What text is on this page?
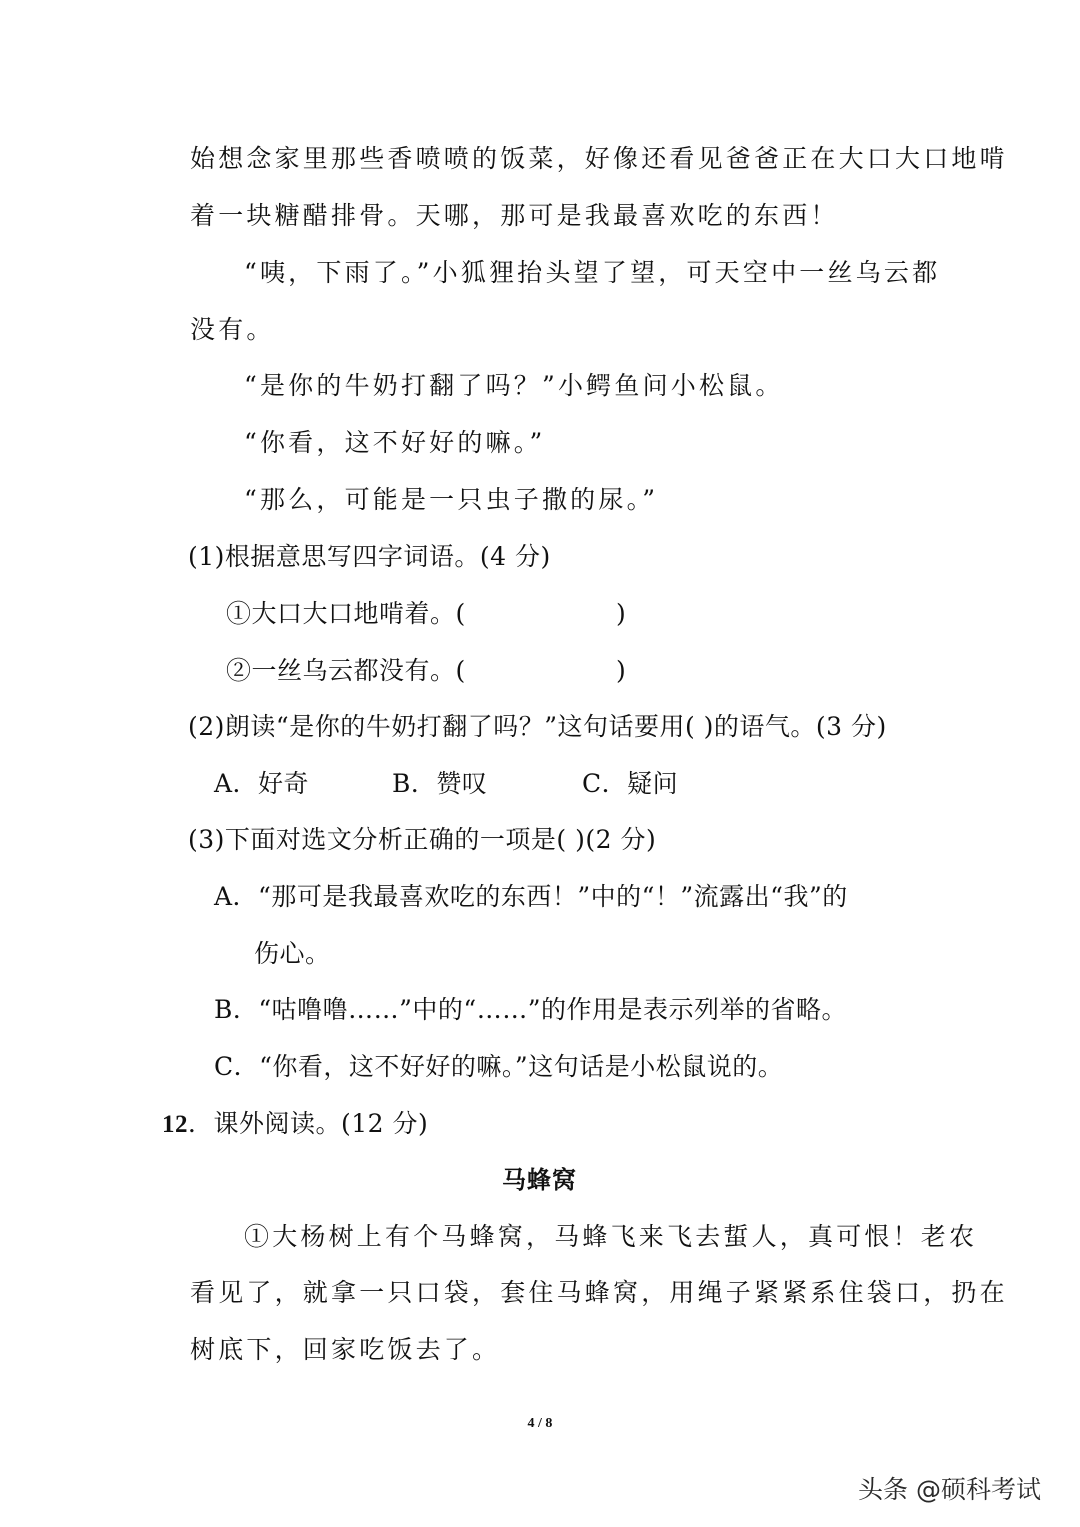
始想念家里那些香喷喷的饭菜，好像还看见爸爸正在大口大口地啃
着一块糖醋排骨。天哪，那可是我最喜欢吃的东西！
“咦，下雨了。”小狐狸抬头望了望，可天空中一丝乌云都
没有。
“是你的牛奶打翻了吗？”小鳄鱼问小松鼠。
“你看，这不好好的嘛。”
“那么，可能是一只虫子撒的尿。”
(1)根据意思写四字词语。(4 分)
①大口大口地啃着。(	)
②一丝乌云都没有。(	)
(2)朗读“是你的牛奶打翻了吗？”这句话要用( )的语气。(3 分)
A．好奇	B．赞叹	C．疑问
(3)下面对选文分析正确的一项是( )(2 分)
A．“那可是我最喜欢吃的东西！”中的“！”流露出“我”的
伤心。
B．“咕噜噜……”中的“……”的作用是表示列举的省略。
C．“你看，这不好好的嘛。”这句话是小松鼠说的。
12．课外阅读。(12 分)
马蜂窝
①大杨树上有个马蜂窝，马蜂飞来飞去蜇人，真可恨！老农
看见了，就拿一只口袋，套住马蜂窝，用绳子紧紧系住袋口，扔在
树底下，回家吃饭去了。
4 / 8
头条 @硕科考试
